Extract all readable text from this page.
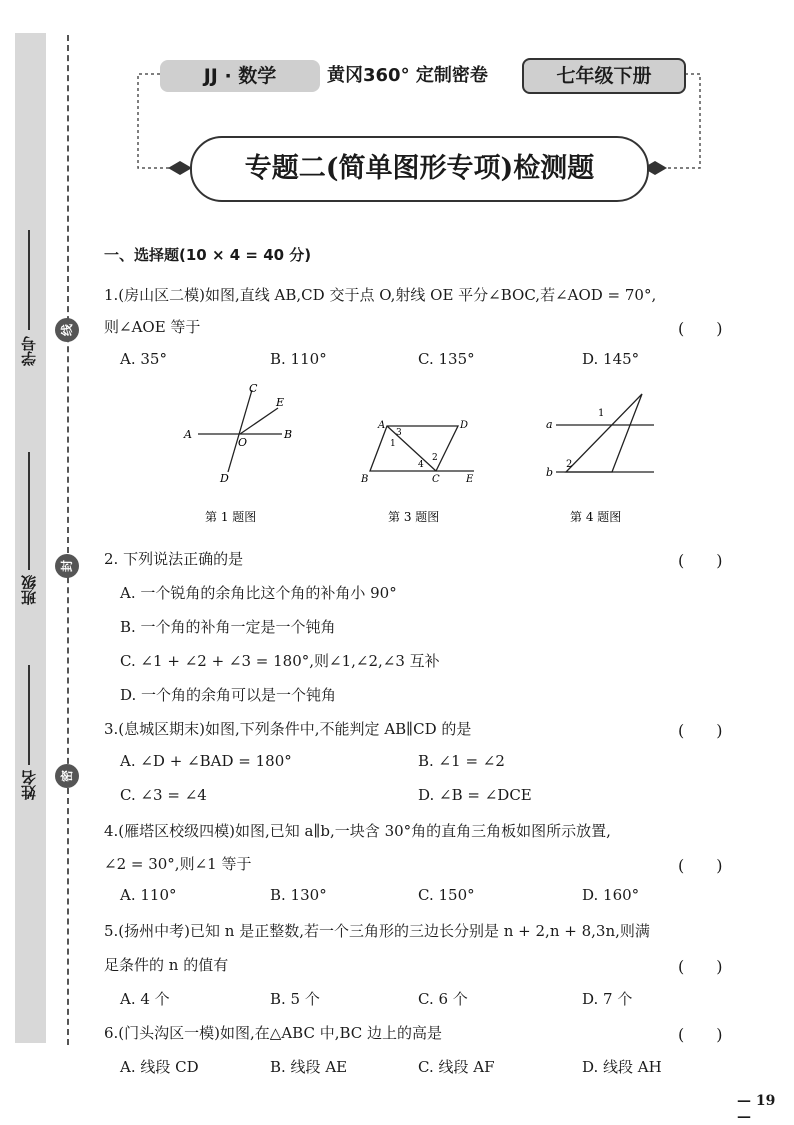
学号
班级
姓名
线
封
密
JJ · 数学	黄冈360° 定制密卷	七年级下册
专题二(简单图形专项)检测题
一、选择题(10 × 4 = 40 分)
1.(房山区二模)如图,直线 AB,CD 交于点 O,射线 OE 平分∠BOC,若∠AOD = 70°,
则∠AOE 等于	(　　)
A. 35°	B. 110°	C. 135°	D. 145°
C
E
A
O
B
D
A
3
1
D
2
4
B	C	E
1
a
2
b
第 1 题图	第 3 题图	第 4 题图
2. 下列说法正确的是	(　　)
A. 一个锐角的余角比这个角的补角小 90°
B. 一个角的补角一定是一个钝角
C. ∠1 + ∠2 + ∠3 = 180°,则∠1,∠2,∠3 互补
D. 一个角的余角可以是一个钝角
3.(息城区期末)如图,下列条件中,不能判定 AB∥CD 的是	(　　)
A. ∠D + ∠BAD = 180°	B. ∠1 = ∠2
C. ∠3 = ∠4	D. ∠B = ∠DCE
4.(雁塔区校级四模)如图,已知 a∥b,一块含 30°角的直角三角板如图所示放置,
∠2 = 30°,则∠1 等于	(　　)
A. 110°	B. 130°	C. 150°	D. 160°
5.(扬州中考)已知 n 是正整数,若一个三角形的三边长分别是 n + 2,n + 8,3n,则满
足条件的 n 的值有	(　　)
A. 4 个	B. 5 个	C. 6 个	D. 7 个
6.(门头沟区一模)如图,在△ABC 中,BC 边上的高是	(　　)
A. 线段 CD	B. 线段 AE	C. 线段 AF	D. 线段 AH
— 19 —
